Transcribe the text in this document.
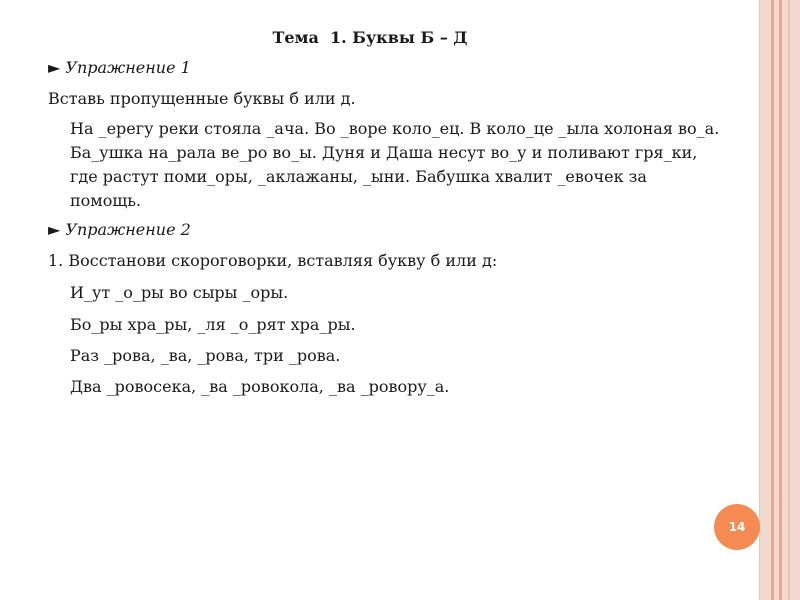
Тема  1. Буквы Б – Д
► Упражнение 1
Вставь пропущенные буквы б или д.
На _ерегу реки стояла _ача. Во _воре коло_ец. В коло_це _ыла холоная во_а. Ба_ушка на_рала ве_ро во_ы. Дуня и Даша несут во_у и поливают гря_ки, где растут поми_оры, _аклажаны, _ыни. Бабушка хвалит _евочек за помощь.
► Упражнение 2
1. Восстанови скороговорки, вставляя букву б или д:
И_ут _о_ры во сыры _оры.
Бо_ры хра_ры, _ля _о_рят хра_ры.
Раз _рова, _ва, _рова, три _рова.
Два _ровосека, _ва _ровокола, _ва _ровору_а.
14
